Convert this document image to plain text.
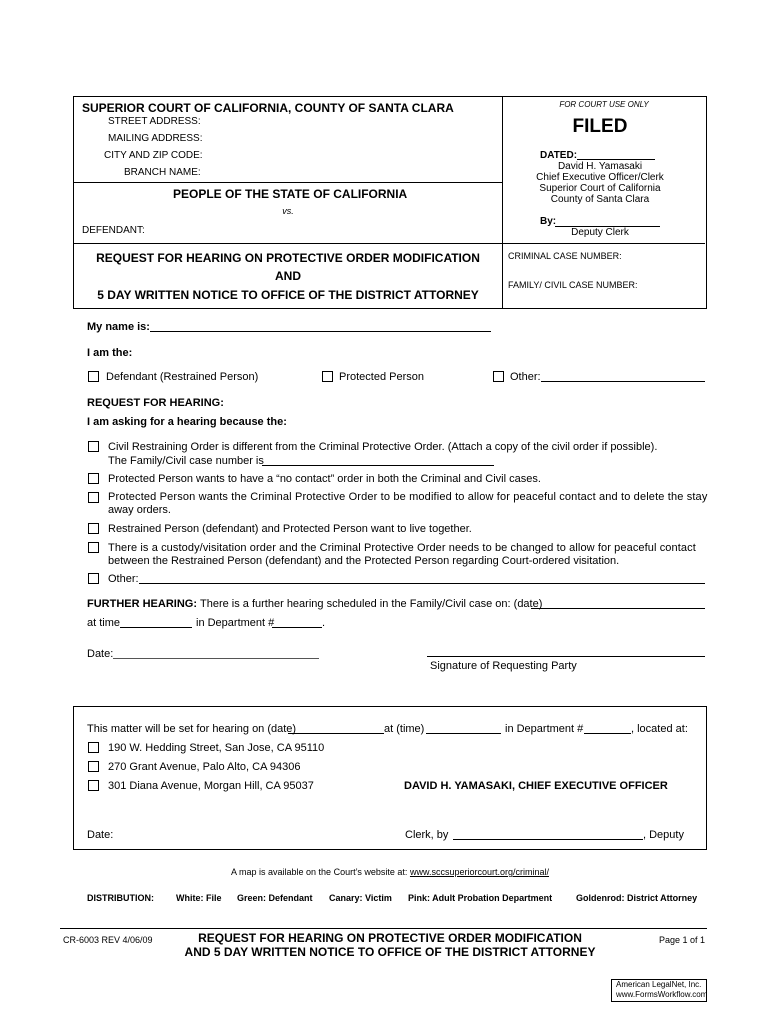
SUPERIOR COURT OF CALIFORNIA, COUNTY OF SANTA CLARA
STREET ADDRESS:
MAILING ADDRESS:
CITY AND ZIP CODE:
BRANCH NAME:
PEOPLE OF THE STATE OF CALIFORNIA
vs.
DEFENDANT:
FOR COURT USE ONLY
FILED
DATED:
David H. Yamasaki
Chief Executive Officer/Clerk
Superior Court of California
County of Santa Clara
By:
Deputy Clerk
REQUEST FOR HEARING ON PROTECTIVE ORDER MODIFICATION
AND
5 DAY WRITTEN NOTICE TO OFFICE OF THE DISTRICT ATTORNEY
CRIMINAL CASE NUMBER:
FAMILY/ CIVIL CASE NUMBER:
My name is:
I am the:
Defendant (Restrained Person)	Protected Person	Other:
REQUEST FOR HEARING:
I am asking for a hearing because the:
Civil Restraining Order is different from the Criminal Protective Order. (Attach a copy of the civil order if possible).
The Family/Civil case number is
Protected Person wants to have a “no contact” order in both the Criminal and Civil cases.
Protected Person wants the Criminal Protective Order to be modified to allow for peaceful contact and to delete the stay
away orders.
Restrained Person (defendant) and Protected Person want to live together.
There is a custody/visitation order and the Criminal Protective Order needs to be changed to allow for peaceful contact
between the Restrained Person (defendant) and the Protected Person regarding Court-ordered visitation.
Other:
FURTHER HEARING: There is a further hearing scheduled in the Family/Civil case on: (date)
at time	in Department #	.
Date:
Signature of Requesting Party
This matter will be set for hearing on (date)	at (time)	in Department #	, located at:
190 W. Hedding Street, San Jose, CA 95110
270 Grant Avenue, Palo Alto, CA 94306
301 Diana Avenue, Morgan Hill, CA 95037	DAVID H. YAMASAKI, CHIEF EXECUTIVE OFFICER
Date:	Clerk, by	, Deputy
A map is available on the Court’s website at: www.sccsuperiorcourt.org/criminal/
DISTRIBUTION: White: File Green: Defendant Canary: Victim Pink: Adult Probation Department	Goldenrod: District Attorney
CR-6003 REV 4/06/09	REQUEST FOR HEARING ON PROTECTIVE ORDER MODIFICATION
AND 5 DAY WRITTEN NOTICE TO OFFICE OF THE DISTRICT ATTORNEY
Page 1 of 1
American LegalNet, Inc.
www.FormsWorkflow.com
